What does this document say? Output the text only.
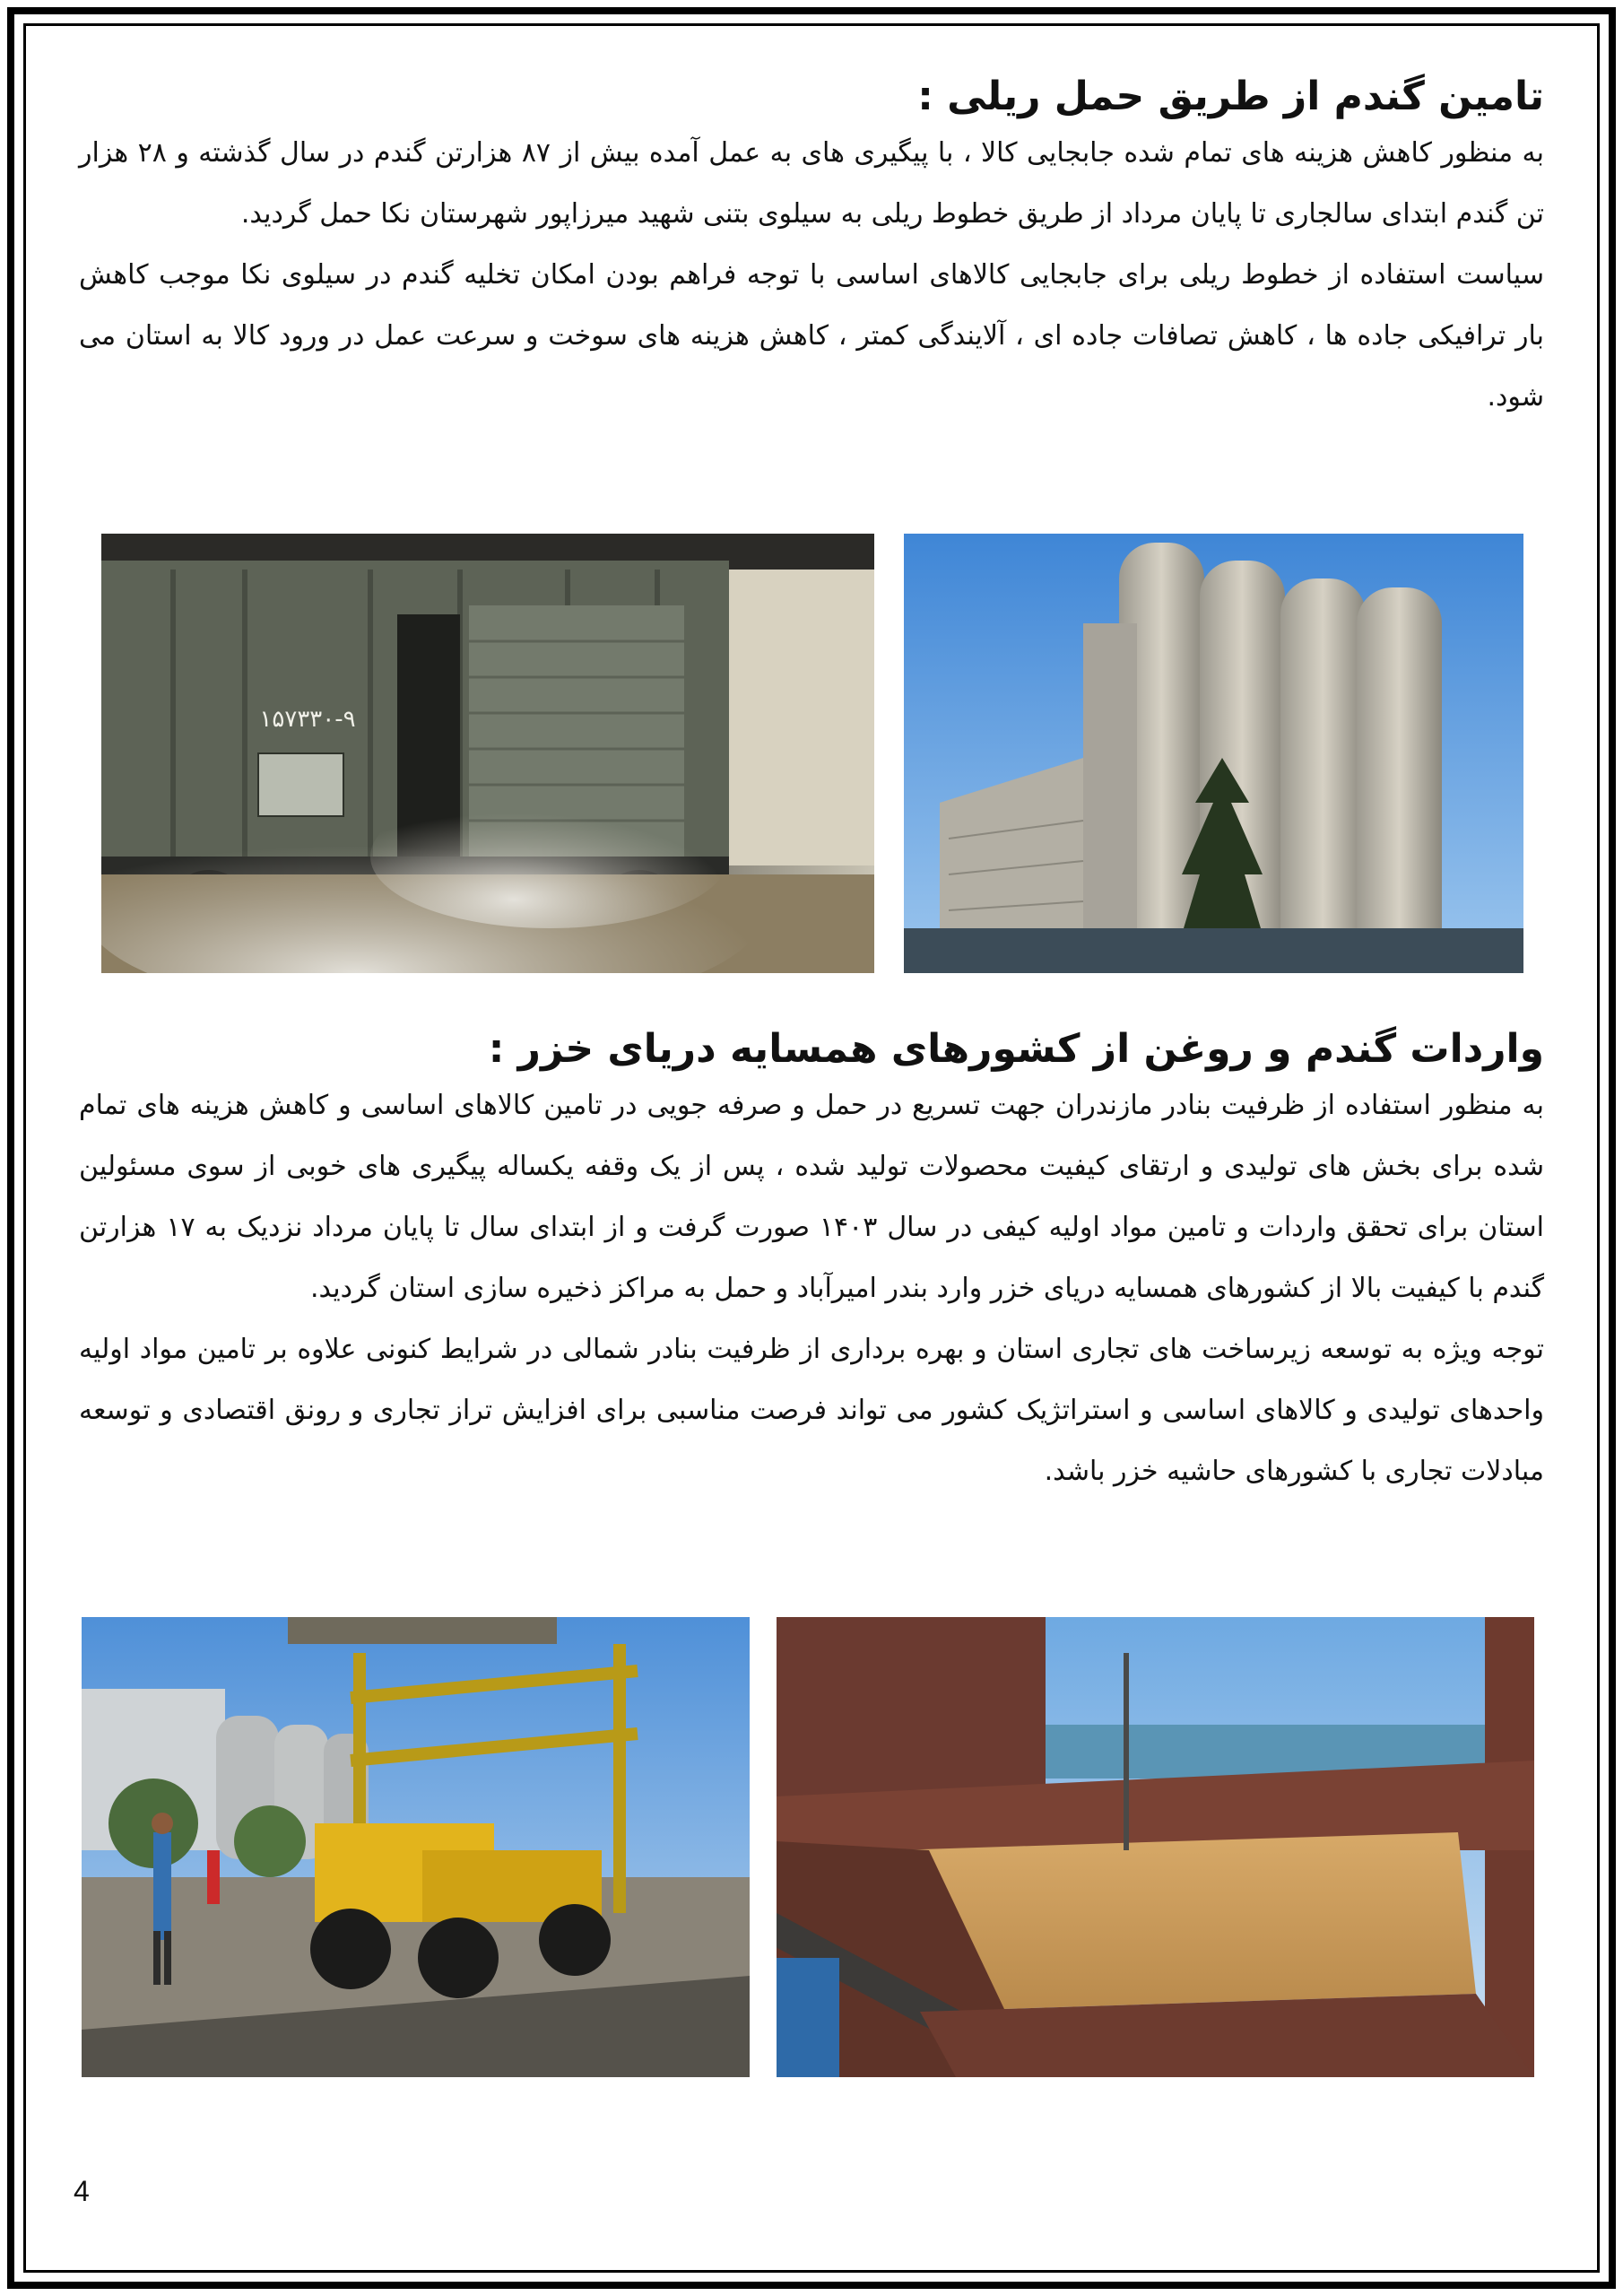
تامین گندم از طریق حمل ریلی :

به منظور کاهش هزینه های تمام شده جابجایی کالا ، با پیگیری های به عمل آمده بیش از ۸۷ هزارتن گندم در سال گذشته و ۲۸ هزار تن گندم ابتدای سالجاری تا پایان مرداد از طریق خطوط ریلی به سیلوی بتنی شهید میرزاپور شهرستان نکا حمل گردید.

سیاست استفاده از خطوط ریلی برای جابجایی کالاهای اساسی با توجه فراهم بودن امکان تخلیه گندم در سیلوی نکا موجب کاهش بار ترافیکی جاده ها ، کاهش تصافات جاده ای ، آلایندگی کمتر ، کاهش هزینه های سوخت و سرعت عمل در ورود کالا به استان می شود.

۱۵۷۳۳۰-۹
واردات گندم و روغن از کشورهای همسایه دریای خزر :

به منظور استفاده از ظرفیت بنادر مازندران جهت تسریع در حمل و صرفه جویی در تامین کالاهای اساسی و کاهش هزینه های تمام شده برای بخش های تولیدی و ارتقای کیفیت محصولات تولید شده ، پس از یک وقفه یکساله پیگیری های خوبی از سوی مسئولین استان برای تحقق واردات و تامین مواد اولیه کیفی در سال ۱۴۰۳ صورت گرفت و از ابتدای سال تا پایان مرداد نزدیک به ۱۷ هزارتن گندم با کیفیت بالا از کشورهای همسایه دریای خزر وارد بندر امیرآباد و حمل به مراکز ذخیره سازی استان گردید.

توجه ویژه به توسعه زیرساخت های تجاری استان و بهره برداری از ظرفیت بنادر شمالی در شرایط کنونی علاوه بر تامین مواد اولیه واحدهای تولیدی و کالاهای اساسی و استراتژیک کشور می تواند فرصت مناسبی برای افزایش تراز تجاری و رونق اقتصادی و توسعه مبادلات تجاری با کشورهای حاشیه خزر باشد.

4
